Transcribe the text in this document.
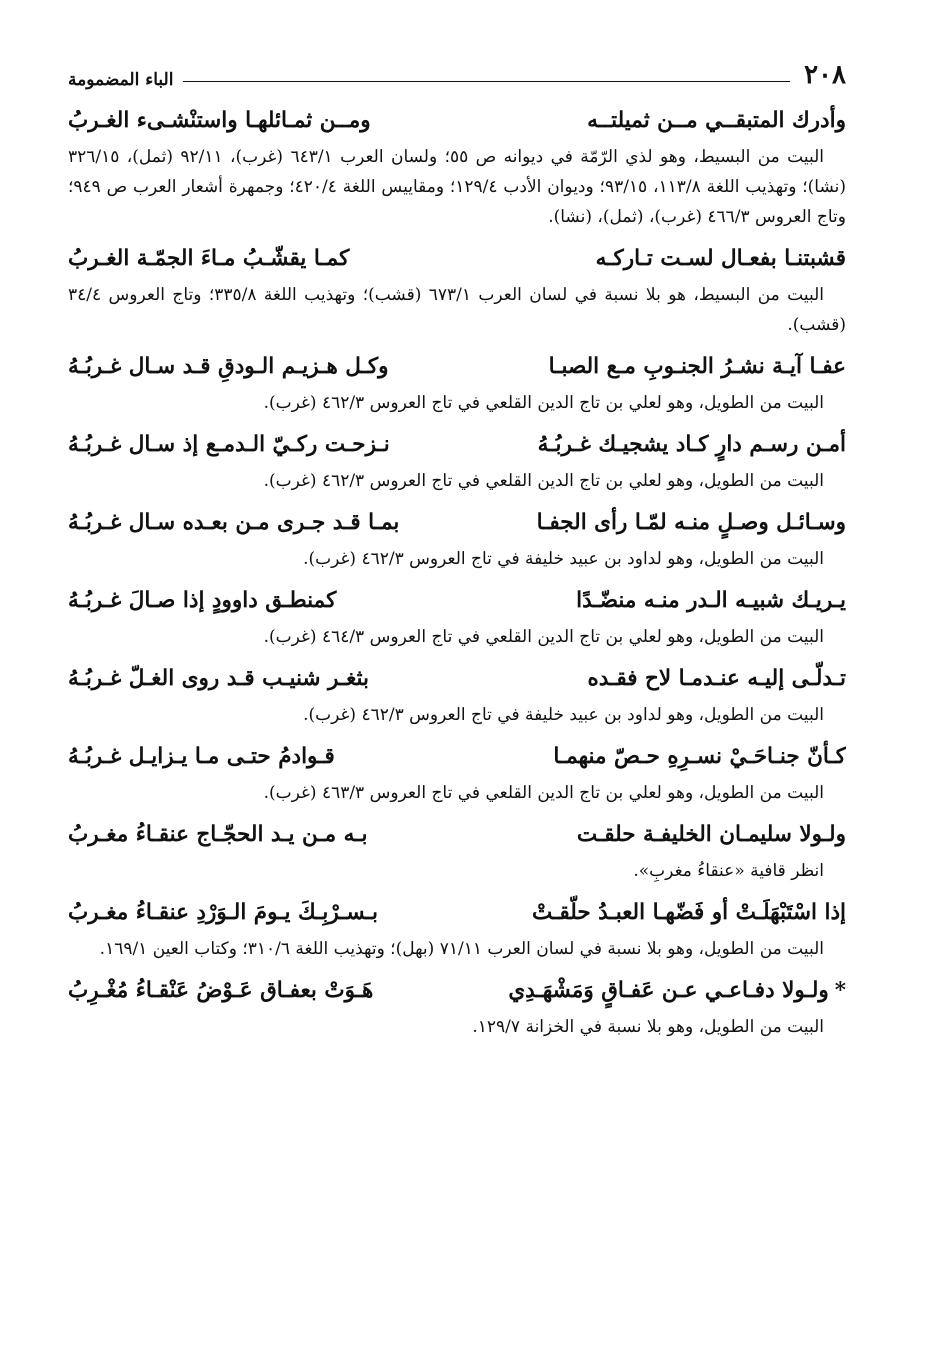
٢٠٨
الباء المضمومة
وأدرك المتبقــي مــن ثميلتــه
ومــن ثمـائلهـا واستنْشـىء الغـربُ

البيت من البسيط، وهو لذي الرّمّة في ديوانه ص ٥٥؛ ولسان العرب ٦٤٣/١ (غرب)، ٩٢/١١ (ثمل)، ٣٢٦/١٥ (نشا)؛ وتهذيب اللغة ١١٣/٨، ٩٣/١٥؛ وديوان الأدب ١٢٩/٤؛ ومقاييس اللغة ٤٢٠/٤؛ وجمهرة أشعار العرب ص ٩٤٩؛ وتاج العروس ٤٦٦/٣ (غرب)، (ثمل)، (نشا).

قشبتنـا بفعـال لسـت تـاركـه
كمـا يقشّـبُ مـاءَ الجمّـة الغـربُ

البيت من البسيط، هو بلا نسبة في لسان العرب ٦٧٣/١ (قشب)؛ وتهذيب اللغة ٣٣٥/٨؛ وتاج العروس ٣٤/٤ (قشب).

عفـا آيـة نشـرُ الجنـوبِ مـع الصبـا
وكـل هـزيـم الـودقِ قـد سـال غـربُـهُ

البيت من الطويل، وهو لعلي بن تاج الدين القلعي في تاج العروس ٤٦٢/٣ (غرب).

أمـن رسـم دارٍ كـاد يشجيـك غـربُـهُ
نـزحـت ركـيّ الـدمـع إذ سـال غـربُـهُ

البيت من الطويل، وهو لعلي بن تاج الدين القلعي في تاج العروس ٤٦٢/٣ (غرب).

وسـائـل وصـلٍ منـه لمّـا رأى الجفـا
بمـا قـد جـرى مـن بعـده سـال غـربُـهُ

البيت من الطويل، وهو لداود بن عبيد خليفة في تاج العروس ٤٦٢/٣ (غرب).

يـريـك شبيـه الـدر منـه منضّـدًا
كمنطـق داوودٍ إذا صـالَ غـربُـهُ

البيت من الطويل، وهو لعلي بن تاج الدين القلعي في تاج العروس ٤٦٤/٣ (غرب).

تـدلّـى إليـه عنـدمـا لاح فقـده
بثغـر شنيـب قـد روى الغـلّ غـربُـهُ

البيت من الطويل، وهو لداود بن عبيد خليفة في تاج العروس ٤٦٢/٣ (غرب).

كـأنّ جنـاحَـيْ نسـرِهِ حـصّ منهمـا
قـوادمُ حتـى مـا يـزايـل غـربُـهُ

البيت من الطويل، وهو لعلي بن تاج الدين القلعي في تاج العروس ٤٦٣/٣ (غرب).

ولـولا سليمـان الخليفـة حلقـت
بـه مـن يـد الحجّـاج عنقـاءُ مغـربُ

انظر قافية «عنقاءُ مغربِ».

إذا اسْتَبْهَلَـتْ أو فَضّهـا العبـدُ حلّقـتْ
بـسـرْبِـكَ يـومَ الـوَرْدِ عنقـاءُ مغـربُ

البيت من الطويل، وهو بلا نسبة في لسان العرب ٧١/١١ (بهل)؛ وتهذيب اللغة ٣١٠/٦؛ وكتاب العين ١٦٩/١.

*ولـولا دفـاعـي عـن عَفـاقٍ وَمَشْهَـدِي
هَـوَتْ بعفـاق عَـوْضُ عَنْقـاءُ مُغْـرِبُ

البيت من الطويل، وهو بلا نسبة في الخزانة ١٢٩/٧.
